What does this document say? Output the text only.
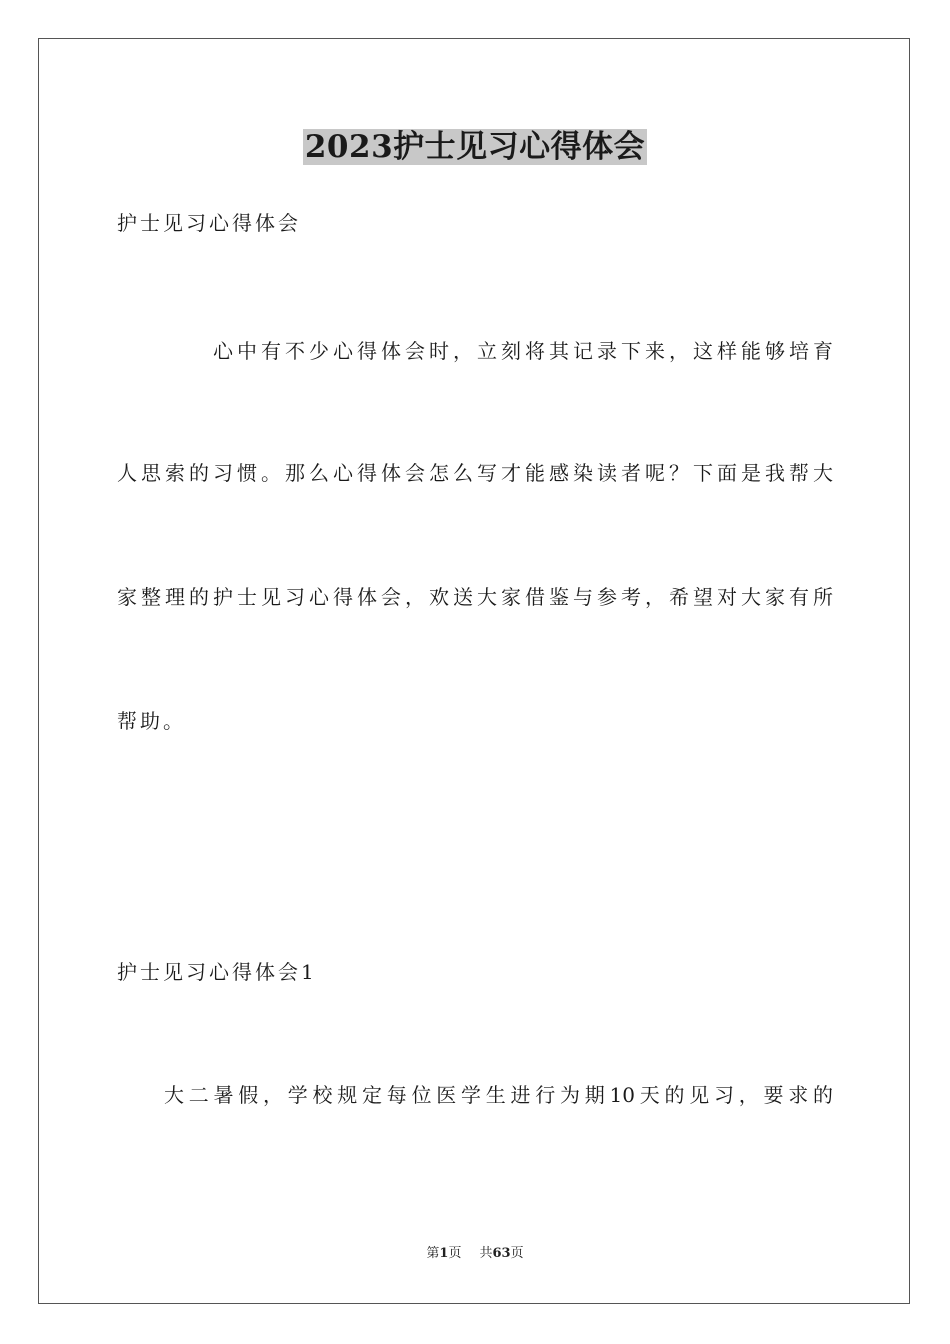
2023护士见习心得体会
护士见习心得体会
心中有不少心得体会时，立刻将其记录下来，这样能够培育
人思索的习惯。那么心得体会怎么写才能感染读者呢？下面是我帮大
家整理的护士见习心得体会，欢送大家借鉴与参考，希望对大家有所
帮助。
护士见习心得体会1
大二暑假，学校规定每位医学生进行为期10天的见习，要求的
第1页 共63页
